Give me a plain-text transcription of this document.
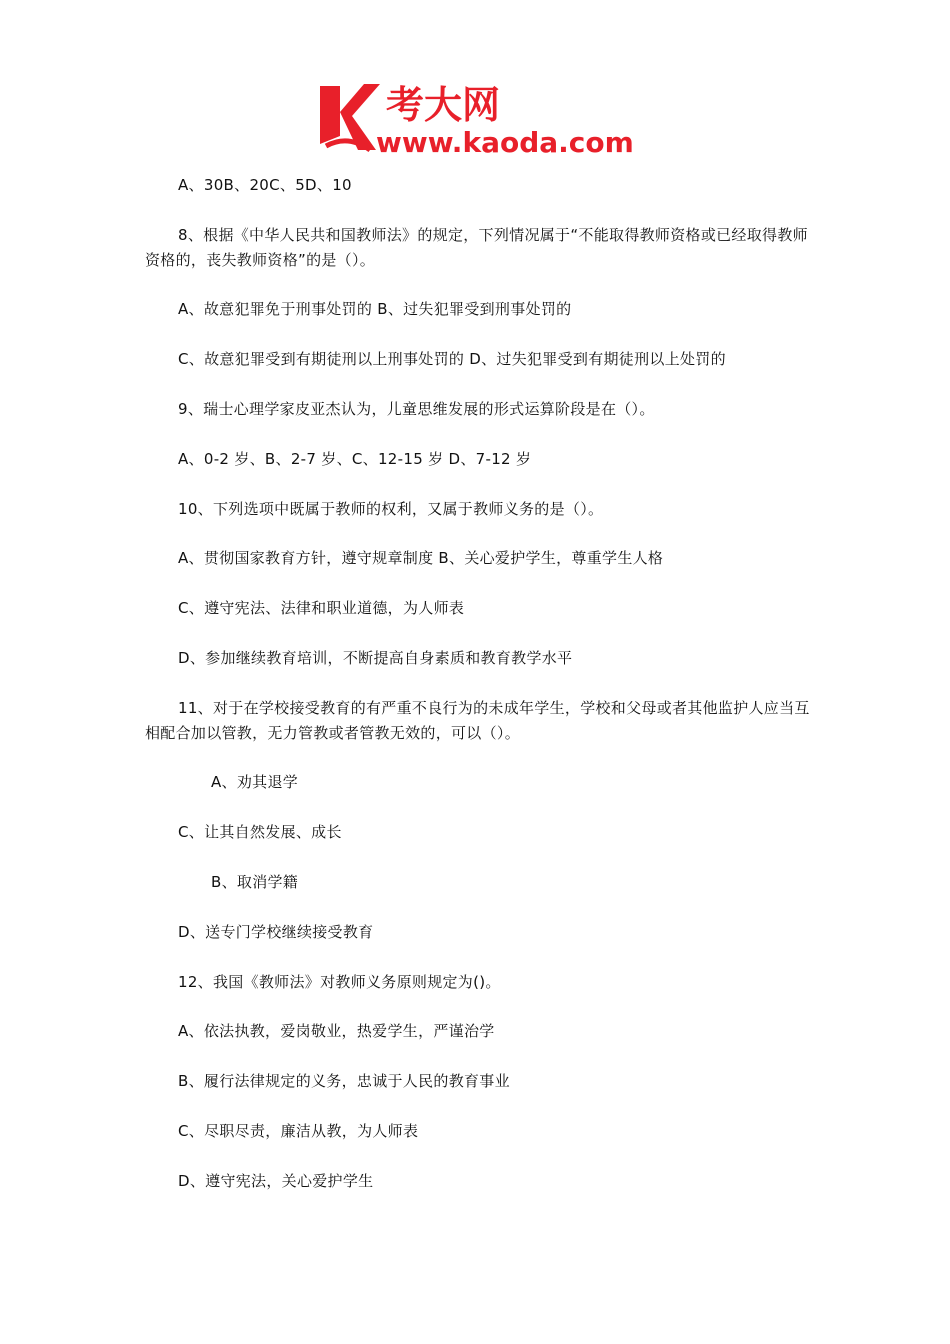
考大网
www.kaoda.com
A、30B、20C、5D、10
8、根据《中华人民共和国教师法》的规定，下列情况属于“不能取得教师资格或已经取得教师资格的，丧失教师资格”的是（）。
A、故意犯罪免于刑事处罚的 B、过失犯罪受到刑事处罚的
C、故意犯罪受到有期徒刑以上刑事处罚的 D、过失犯罪受到有期徒刑以上处罚的
9、瑞士心理学家皮亚杰认为，儿童思维发展的形式运算阶段是在（）。
A、0-2 岁、B、2-7 岁、C、12-15 岁 D、7-12 岁
10、下列选项中既属于教师的权利，又属于教师义务的是（）。
A、贯彻国家教育方针，遵守规章制度 B、关心爱护学生，尊重学生人格
C、遵守宪法、法律和职业道德，为人师表
D、参加继续教育培训，不断提高自身素质和教育教学水平
11、对于在学校接受教育的有严重不良行为的未成年学生，学校和父母或者其他监护人应当互相配合加以管教，无力管教或者管教无效的，可以（）。
A、劝其退学
C、让其自然发展、成长
B、取消学籍
D、送专门学校继续接受教育
12、我国《教师法》对教师义务原则规定为()。
A、依法执教，爱岗敬业，热爱学生，严谨治学
B、履行法律规定的义务，忠诚于人民的教育事业
C、尽职尽责，廉洁从教，为人师表
D、遵守宪法，关心爱护学生
